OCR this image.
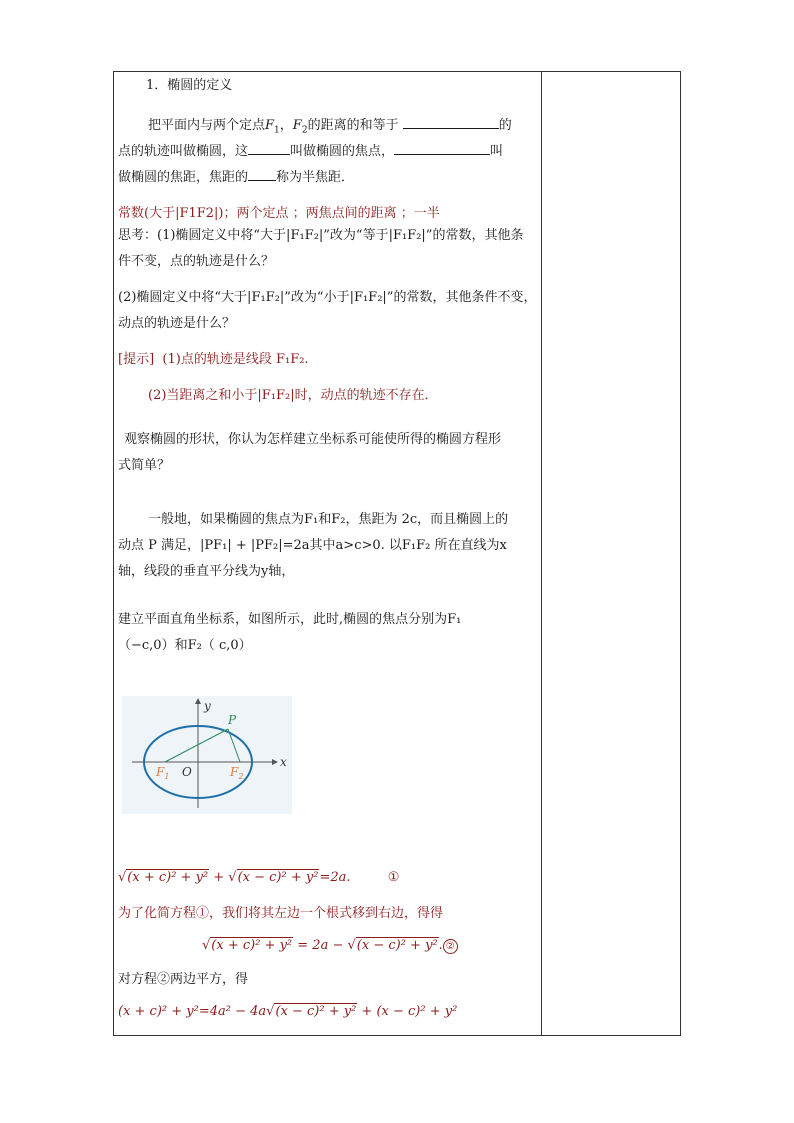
1．椭圆的定义
把平面内与两个定点$F_1$，$F_2$的距离的和等于	的
点的轨迹叫做椭圆，这	叫做椭圆的焦点，	叫
做椭圆的焦距，焦距的 称为半焦距．
常数(大于|F1F2|)；两个定点 ；两焦点间的距离 ；一半
思考：(1)椭圆定义中将“大于|F₁F₂|”改为“等于|F₁F₂|”的常数，其他条
件不变，点的轨迹是什么？
(2)椭圆定义中将“大于|F₁F₂|”改为“小于|F₁F₂|”的常数，其他条件不变，
动点的轨迹是什么？
[提示] (1)点的轨迹是线段 F₁F₂.
(2)当距离之和小于|F₁F₂|时，动点的轨迹不存在．
观察椭圆的形状，你认为怎样建立坐标系可能使所得的椭圆方程形
式简单？
一般地，如果椭圆的焦点为F₁和F₂，焦距为 2c，而且椭圆上的
动点 P 满足，|PF₁| + |PF₂|=2a其中a>c>0. 以F₁F₂ 所在直线为x
轴，线段的垂直平分线为y轴，
建立平面直角坐标系，如图所示，此时,椭圆的焦点分别为F₁
（−c,0）和F₂（ c,0）
y
x
P
O
$F_1$	$F_2$
√(x + c)² + y² + √(x − c)² + y²=2a.	①
为了化简方程①，我们将其左边一个根式移到右边，得得
√(x + c)² + y² = 2a − √(x − c)² + y². ②
对方程②两边平方，得
(x + c)² + y²=4a² − 4a√(x − c)² + y² + (x − c)² + y²
